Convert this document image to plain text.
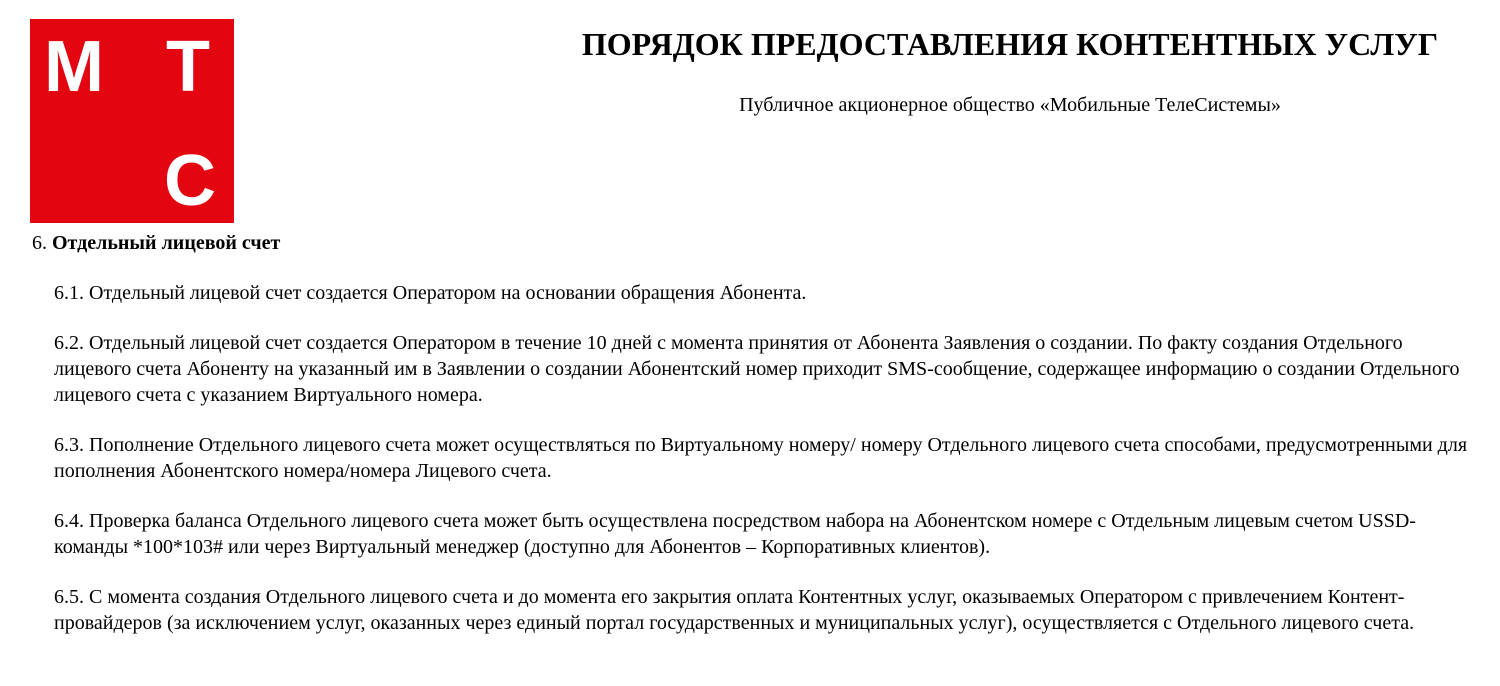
М Т
С
ПОРЯДОК ПРЕДОСТАВЛЕНИЯ КОНТЕНТНЫХ УСЛУГ

Публичное акционерное общество «Мобильные ТелеСистемы»

6. Отдельный лицевой счет
6.1. Отдельный лицевой счет создается Оператором на основании обращения Абонента.
6.2. Отдельный лицевой счет создается Оператором в течение 10 дней с момента принятия от Абонента Заявления о создании. По факту создания Отдельного лицевого счета Абоненту на указанный им в Заявлении о создании Абонентский номер приходит SMS-сообщение, содержащее информацию о создании Отдельного лицевого счета с указанием Виртуального номера.
6.3. Пополнение Отдельного лицевого счета может осуществляться по Виртуальному номеру/ номеру Отдельного лицевого счета способами, предусмотренными для пополнения Абонентского номера/номера Лицевого счета.
6.4. Проверка баланса Отдельного лицевого счета может быть осуществлена посредством набора на Абонентском номере с Отдельным лицевым счетом USSD-команды *100*103# или через Виртуальный менеджер (доступно для Абонентов – Корпоративных клиентов).
6.5. С момента создания Отдельного лицевого счета и до момента его закрытия оплата Контентных услуг, оказываемых Оператором с привлечением Контент-провайдеров (за исключением услуг, оказанных через единый портал государственных и муниципальных услуг), осуществляется с Отдельного лицевого счета.
